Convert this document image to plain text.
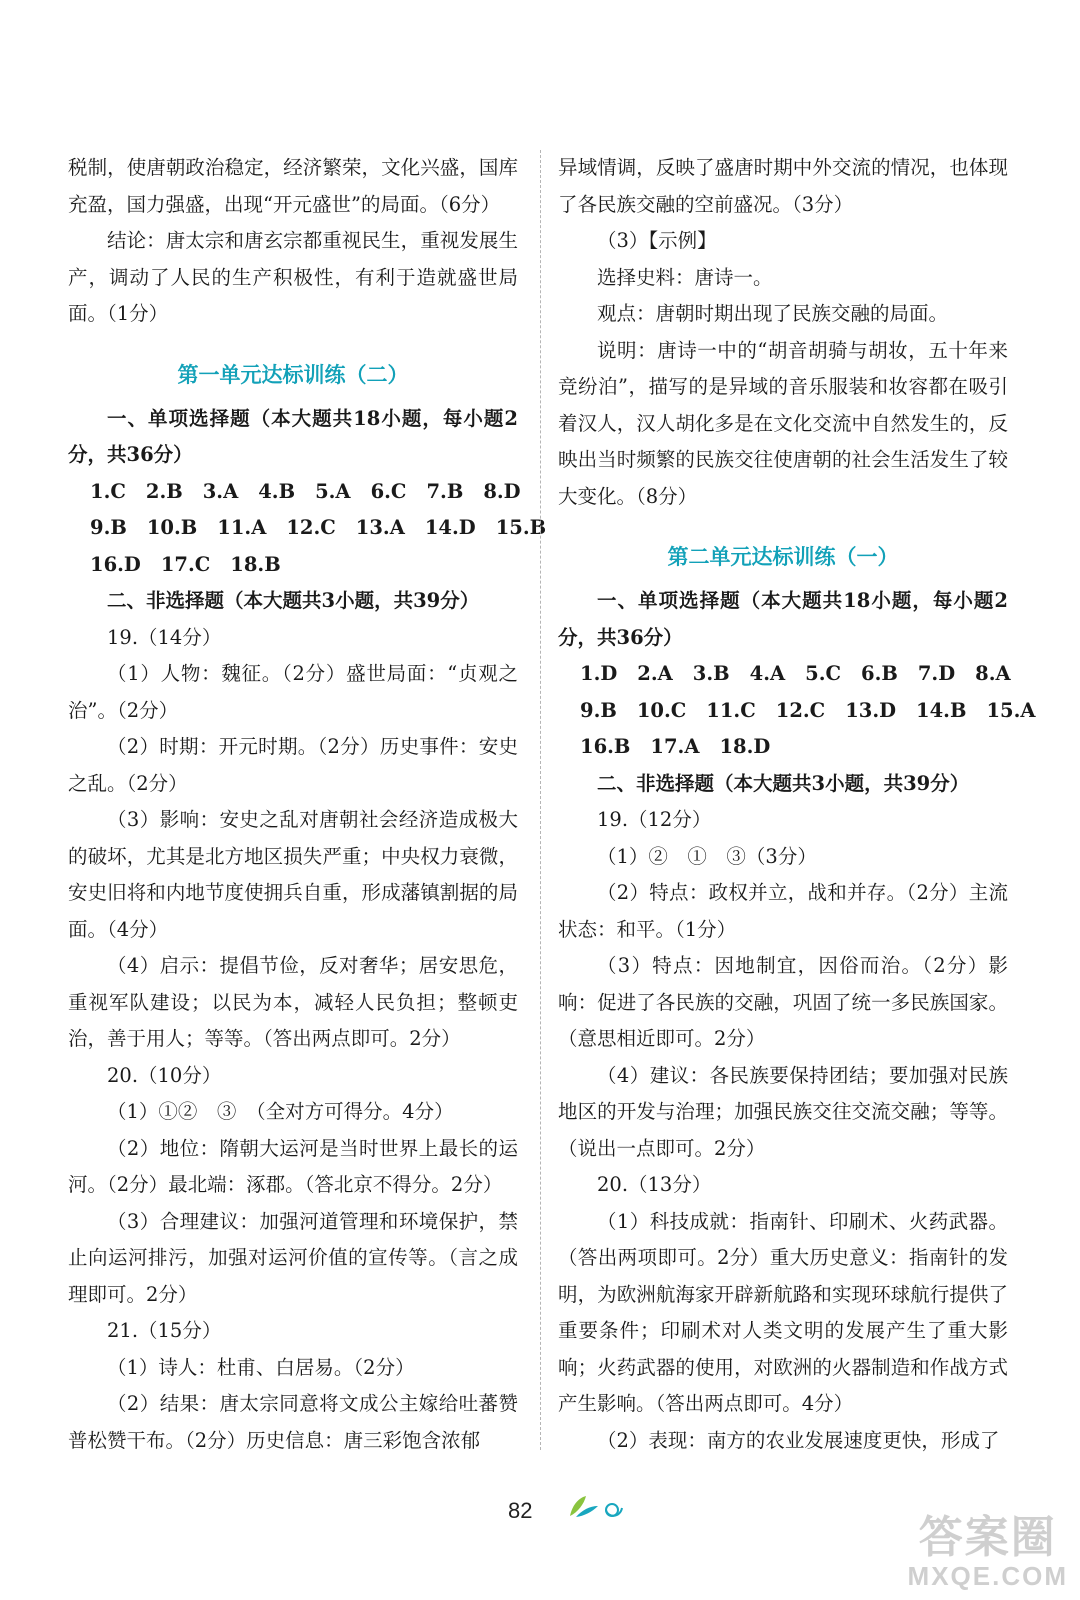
税制，使唐朝政治稳定，经济繁荣，文化兴盛，国库充盈，国力强盛，出现“开元盛世”的局面。（6分）

结论：唐太宗和唐玄宗都重视民生，重视发展生产，调动了人民的生产积极性，有利于造就盛世局面。（1分）

第一单元达标训练（二）

一、单项选择题（本大题共18小题，每小题2分，共36分）

1.C 2.B 3.A 4.B 5.A 6.C 7.B 8.D
9.B 10.B 11.A 12.C 13.A 14.D 15.B
16.D 17.C 18.B

二、非选择题（本大题共3小题，共39分）

19.（14分）

（1）人物：魏征。（2分）盛世局面：“贞观之治”。（2分）

（2）时期：开元时期。（2分）历史事件：安史之乱。（2分）

（3）影响：安史之乱对唐朝社会经济造成极大的破坏，尤其是北方地区损失严重；中央权力衰微，安史旧将和内地节度使拥兵自重，形成藩镇割据的局面。（4分）

（4）启示：提倡节俭，反对奢华；居安思危，重视军队建设；以民为本，减轻人民负担；整顿吏治，善于用人；等等。（答出两点即可。2分）

20.（10分）

（1）①②　③　（全对方可得分。4分）

（2）地位：隋朝大运河是当时世界上最长的运河。（2分）最北端：涿郡。（答北京不得分。2分）

（3）合理建议：加强河道管理和环境保护，禁止向运河排污，加强对运河价值的宣传等。（言之成理即可。2分）

21.（15分）

（1）诗人：杜甫、白居易。（2分）

（2）结果：唐太宗同意将文成公主嫁给吐蕃赞普松赞干布。（2分）历史信息：唐三彩饱含浓郁

异域情调，反映了盛唐时期中外交流的情况，也体现了各民族交融的空前盛况。（3分）

（3）【示例】

选择史料：唐诗一。

观点：唐朝时期出现了民族交融的局面。

说明：唐诗一中的“胡音胡骑与胡妆，五十年来竞纷泊”，描写的是异域的音乐服装和妆容都在吸引着汉人，汉人胡化多是在文化交流中自然发生的，反映出当时频繁的民族交往使唐朝的社会生活发生了较大变化。（8分）

第二单元达标训练（一）

一、单项选择题（本大题共18小题，每小题2分，共36分）

1.D 2.A 3.B 4.A 5.C 6.B 7.D 8.A
9.B 10.C 11.C 12.C 13.D 14.B 15.A
16.B 17.A 18.D

二、非选择题（本大题共3小题，共39分）

19.（12分）

（1）②　①　③（3分）

（2）特点：政权并立，战和并存。（2分）主流状态：和平。（1分）

（3）特点：因地制宜，因俗而治。（2分）影响：促进了各民族的交融，巩固了统一多民族国家。（意思相近即可。2分）

（4）建议：各民族要保持团结；要加强对民族地区的开发与治理；加强民族交往交流交融；等等。（说出一点即可。2分）

20.（13分）

（1）科技成就：指南针、印刷术、火药武器。（答出两项即可。2分）重大历史意义：指南针的发明，为欧洲航海家开辟新航路和实现环球航行提供了重要条件；印刷术对人类文明的发展产生了重大影响；火药武器的使用，对欧洲的火器制造和作战方式产生影响。（答出两点即可。4分）

（2）表现：南方的农业发展速度更快，形成了

82
答案圈
MXQE.COM
